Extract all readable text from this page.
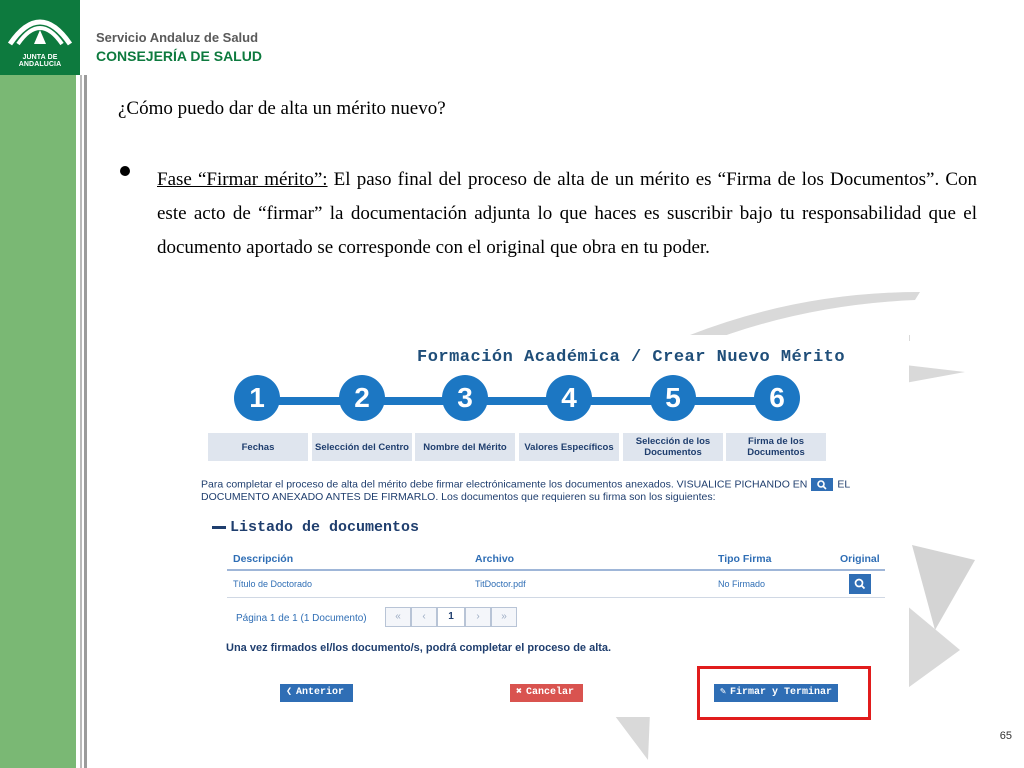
JUNTA DE ANDALUCIA
Servicio Andaluz de Salud
CONSEJERÍA DE SALUD
¿Cómo puedo dar de alta un mérito nuevo?
Fase “Firmar mérito”: El paso final del proceso de alta de un mérito es “Firma de los Documentos”. Con este acto de “firmar” la documentación adjunta lo que haces es suscribir bajo tu responsabilidad que el documento aportado se corresponde con el original que obra en tu poder.
Formación Académica / Crear Nuevo Mérito
1	2	3	4	5	6
Fechas	Selección del Centro	Nombre del Mérito	Valores Específicos	Selección de los Documentos
Firma de los Documentos
Para completar el proceso de alta del mérito debe firmar electrónicamente los documentos anexados. VISUALICE PICHANDO EN	EL DOCUMENTO ANEXADO ANTES DE FIRMARLO. Los documentos que requieren su firma son los siguientes:
Listado de documentos
Descripción	Archivo	Tipo Firma	Original
Título de Doctorado	TitDoctor.pdf	No Firmado
Página 1 de 1 (1 Documento)	«	‹	1	›	»
Una vez firmados el/los documento/s, podrá completar el proceso de alta.
❮ Anterior	✖ Cancelar	✎ Firmar y Terminar
65
